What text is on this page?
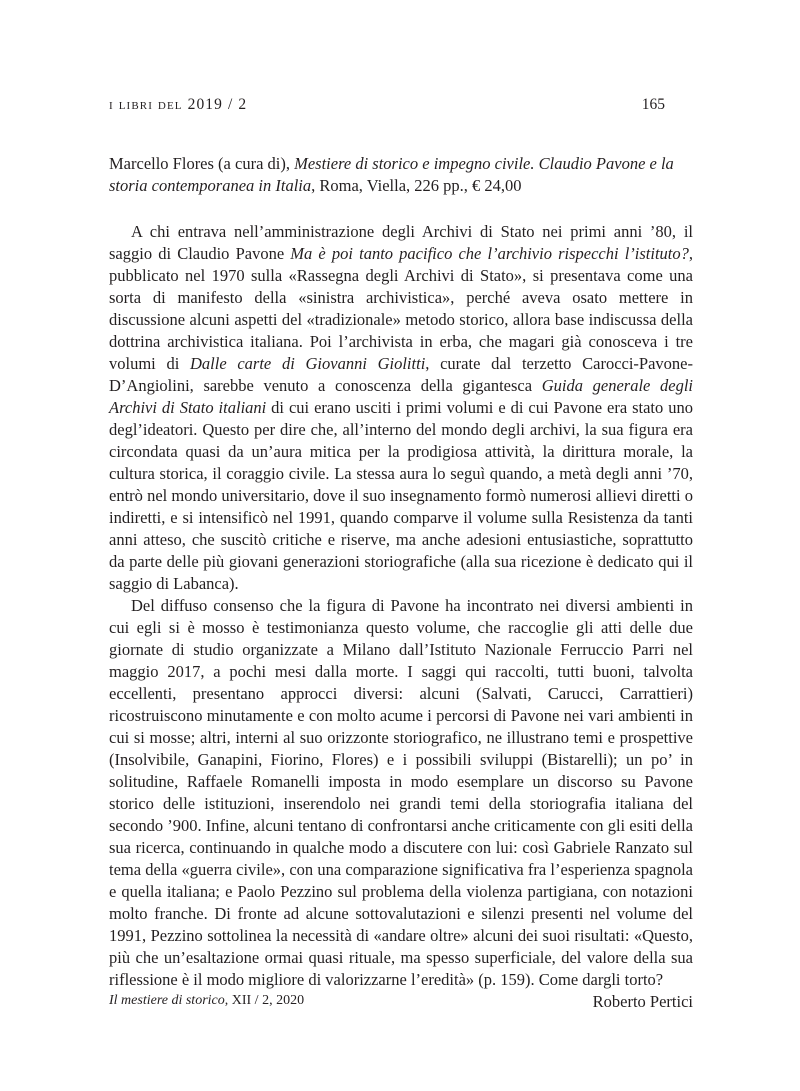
i libri del 2019 / 2	165

Marcello Flores (a cura di), Mestiere di storico e impegno civile. Claudio Pavone e la storia contemporanea in Italia, Roma, Viella, 226 pp., € 24,00

A chi entrava nell’amministrazione degli Archivi di Stato nei primi anni ’80, il saggio di Claudio Pavone Ma è poi tanto pacifico che l’archivio rispecchi l’istituto?, pubblicato nel 1970 sulla «Rassegna degli Archivi di Stato», si presentava come una sorta di manifesto della «sinistra archivistica», perché aveva osato mettere in discussione alcuni aspetti del «tradizionale» metodo storico, allora base indiscussa della dottrina archivistica italiana. Poi l’archivista in erba, che magari già conosceva i tre volumi di Dalle carte di Giovanni Giolitti, curate dal terzetto Carocci-Pavone-D’Angiolini, sarebbe venuto a conoscenza della gigantesca Guida generale degli Archivi di Stato italiani di cui erano usciti i primi volumi e di cui Pavone era stato uno degl’ideatori. Questo per dire che, all’interno del mondo degli archivi, la sua figura era circondata quasi da un’aura mitica per la prodigiosa attività, la dirittura morale, la cultura storica, il coraggio civile. La stessa aura lo seguì quando, a metà degli anni ’70, entrò nel mondo universitario, dove il suo insegnamento formò numerosi allievi diretti o indiretti, e si intensificò nel 1991, quando comparve il volume sulla Resistenza da tanti anni atteso, che suscitò critiche e riserve, ma anche adesioni entusiastiche, soprattutto da parte delle più giovani generazioni storiografiche (alla sua ricezione è dedicato qui il saggio di Labanca).

Del diffuso consenso che la figura di Pavone ha incontrato nei diversi ambienti in cui egli si è mosso è testimonianza questo volume, che raccoglie gli atti delle due giornate di studio organizzate a Milano dall’Istituto Nazionale Ferruccio Parri nel maggio 2017, a pochi mesi dalla morte. I saggi qui raccolti, tutti buoni, talvolta eccellenti, presentano approcci diversi: alcuni (Salvati, Carucci, Carrattieri) ricostruiscono minutamente e con molto acume i percorsi di Pavone nei vari ambienti in cui si mosse; altri, interni al suo orizzonte storiografico, ne illustrano temi e prospettive (Insolvibile, Ganapini, Fiorino, Flores) e i possibili sviluppi (Bistarelli); un po’ in solitudine, Raffaele Romanelli imposta in modo esemplare un discorso su Pavone storico delle istituzioni, inserendolo nei grandi temi della storiografia italiana del secondo ’900. Infine, alcuni tentano di confrontarsi anche criticamente con gli esiti della sua ricerca, continuando in qualche modo a discutere con lui: così Gabriele Ranzato sul tema della «guerra civile», con una comparazione significativa fra l’esperienza spagnola e quella italiana; e Paolo Pezzino sul problema della violenza partigiana, con notazioni molto franche. Di fronte ad alcune sottovalutazioni e silenzi presenti nel volume del 1991, Pezzino sottolinea la necessità di «andare oltre» alcuni dei suoi risultati: «Questo, più che un’esaltazione ormai quasi rituale, ma spesso superficiale, del valore della sua riflessione è il modo migliore di valorizzarne l’eredità» (p. 159). Come dargli torto?

Roberto Pertici

Il mestiere di storico, XII / 2, 2020
